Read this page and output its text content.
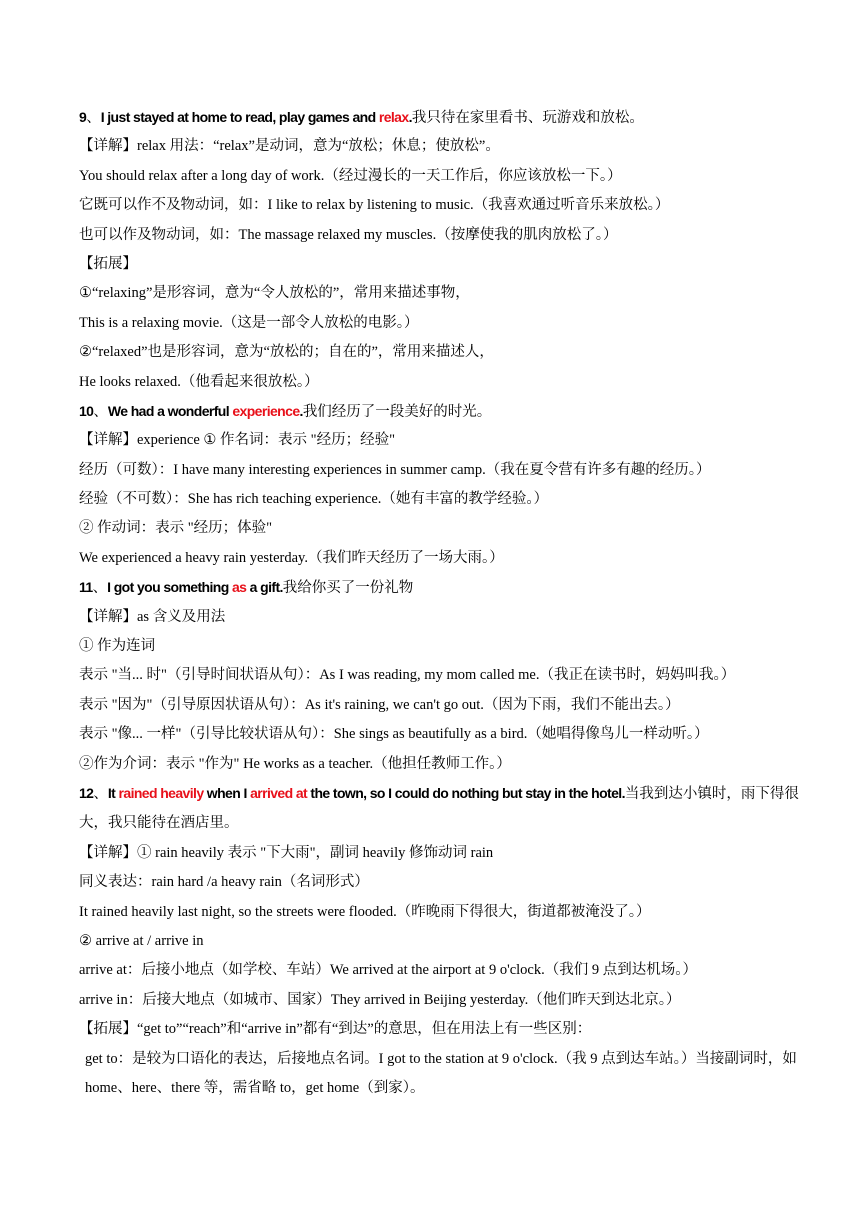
9、I just stayed at home to read, play games and relax.我只待在家里看书、玩游戏和放松。
【详解】relax 用法：“relax”是动词，意为“放松；休息；使放松”。
You should relax after a long day of work.（经过漫长的一天工作后，你应该放松一下。）
它既可以作不及物动词，如：I like to relax by listening to music.（我喜欢通过听音乐来放松。）
也可以作及物动词，如：The massage relaxed my muscles.（按摩使我的肌肉放松了。）
【拓展】
①“relaxing”是形容词，意为“令人放松的”，常用来描述事物，
This is a relaxing movie.（这是一部令人放松的电影。）
②“relaxed”也是形容词，意为“放松的；自在的”，常用来描述人，
He looks relaxed.（他看起来很放松。）
10、We had a wonderful experience.我们经历了一段美好的时光。
【详解】experience ① 作名词：表示 "经历；经验"
经历（可数）：I have many interesting experiences in summer camp.（我在夏令营有许多有趣的经历。）
经验（不可数）：She has rich teaching experience.（她有丰富的教学经验。）
② 作动词：表示 "经历；体验"
We experienced a heavy rain yesterday.（我们昨天经历了一场大雨。）
11、I got you something as a gift.我给你买了一份礼物
【详解】as 含义及用法
① 作为连词
表示 "当... 时"（引导时间状语从句）：As I was reading, my mom called me.（我正在读书时，妈妈叫我。）
表示 "因为"（引导原因状语从句）：As it's raining, we can't go out.（因为下雨，我们不能出去。）
表示 "像... 一样"（引导比较状语从句）：She sings as beautifully as a bird.（她唱得像鸟儿一样动听。）
②作为介词：表示 "作为" He works as a teacher.（他担任教师工作。）
12、It rained heavily when I arrived at the town, so I could do nothing but stay in the hotel.当我到达小镇时，雨下得很大，我只能待在酒店里。
【详解】① rain heavily 表示 "下大雨"，副词 heavily 修饰动词 rain
同义表达：rain hard /a heavy rain（名词形式）
It rained heavily last night, so the streets were flooded.（昨晚雨下得很大，街道都被淹没了。）
② arrive at / arrive in
arrive at：后接小地点（如学校、车站）We arrived at the airport at 9 o'clock.（我们 9 点到达机场。）
arrive in：后接大地点（如城市、国家）They arrived in Beijing yesterday.（他们昨天到达北京。）
【拓展】“get to”“reach”和“arrive in”都有“到达”的意思，但在用法上有一些区别：
get to：是较为口语化的表达，后接地点名词。I got to the station at 9 o'clock.（我 9 点到达车站。）当接副词时，如 home、here、there 等，需省略 to，get home（到家）。
